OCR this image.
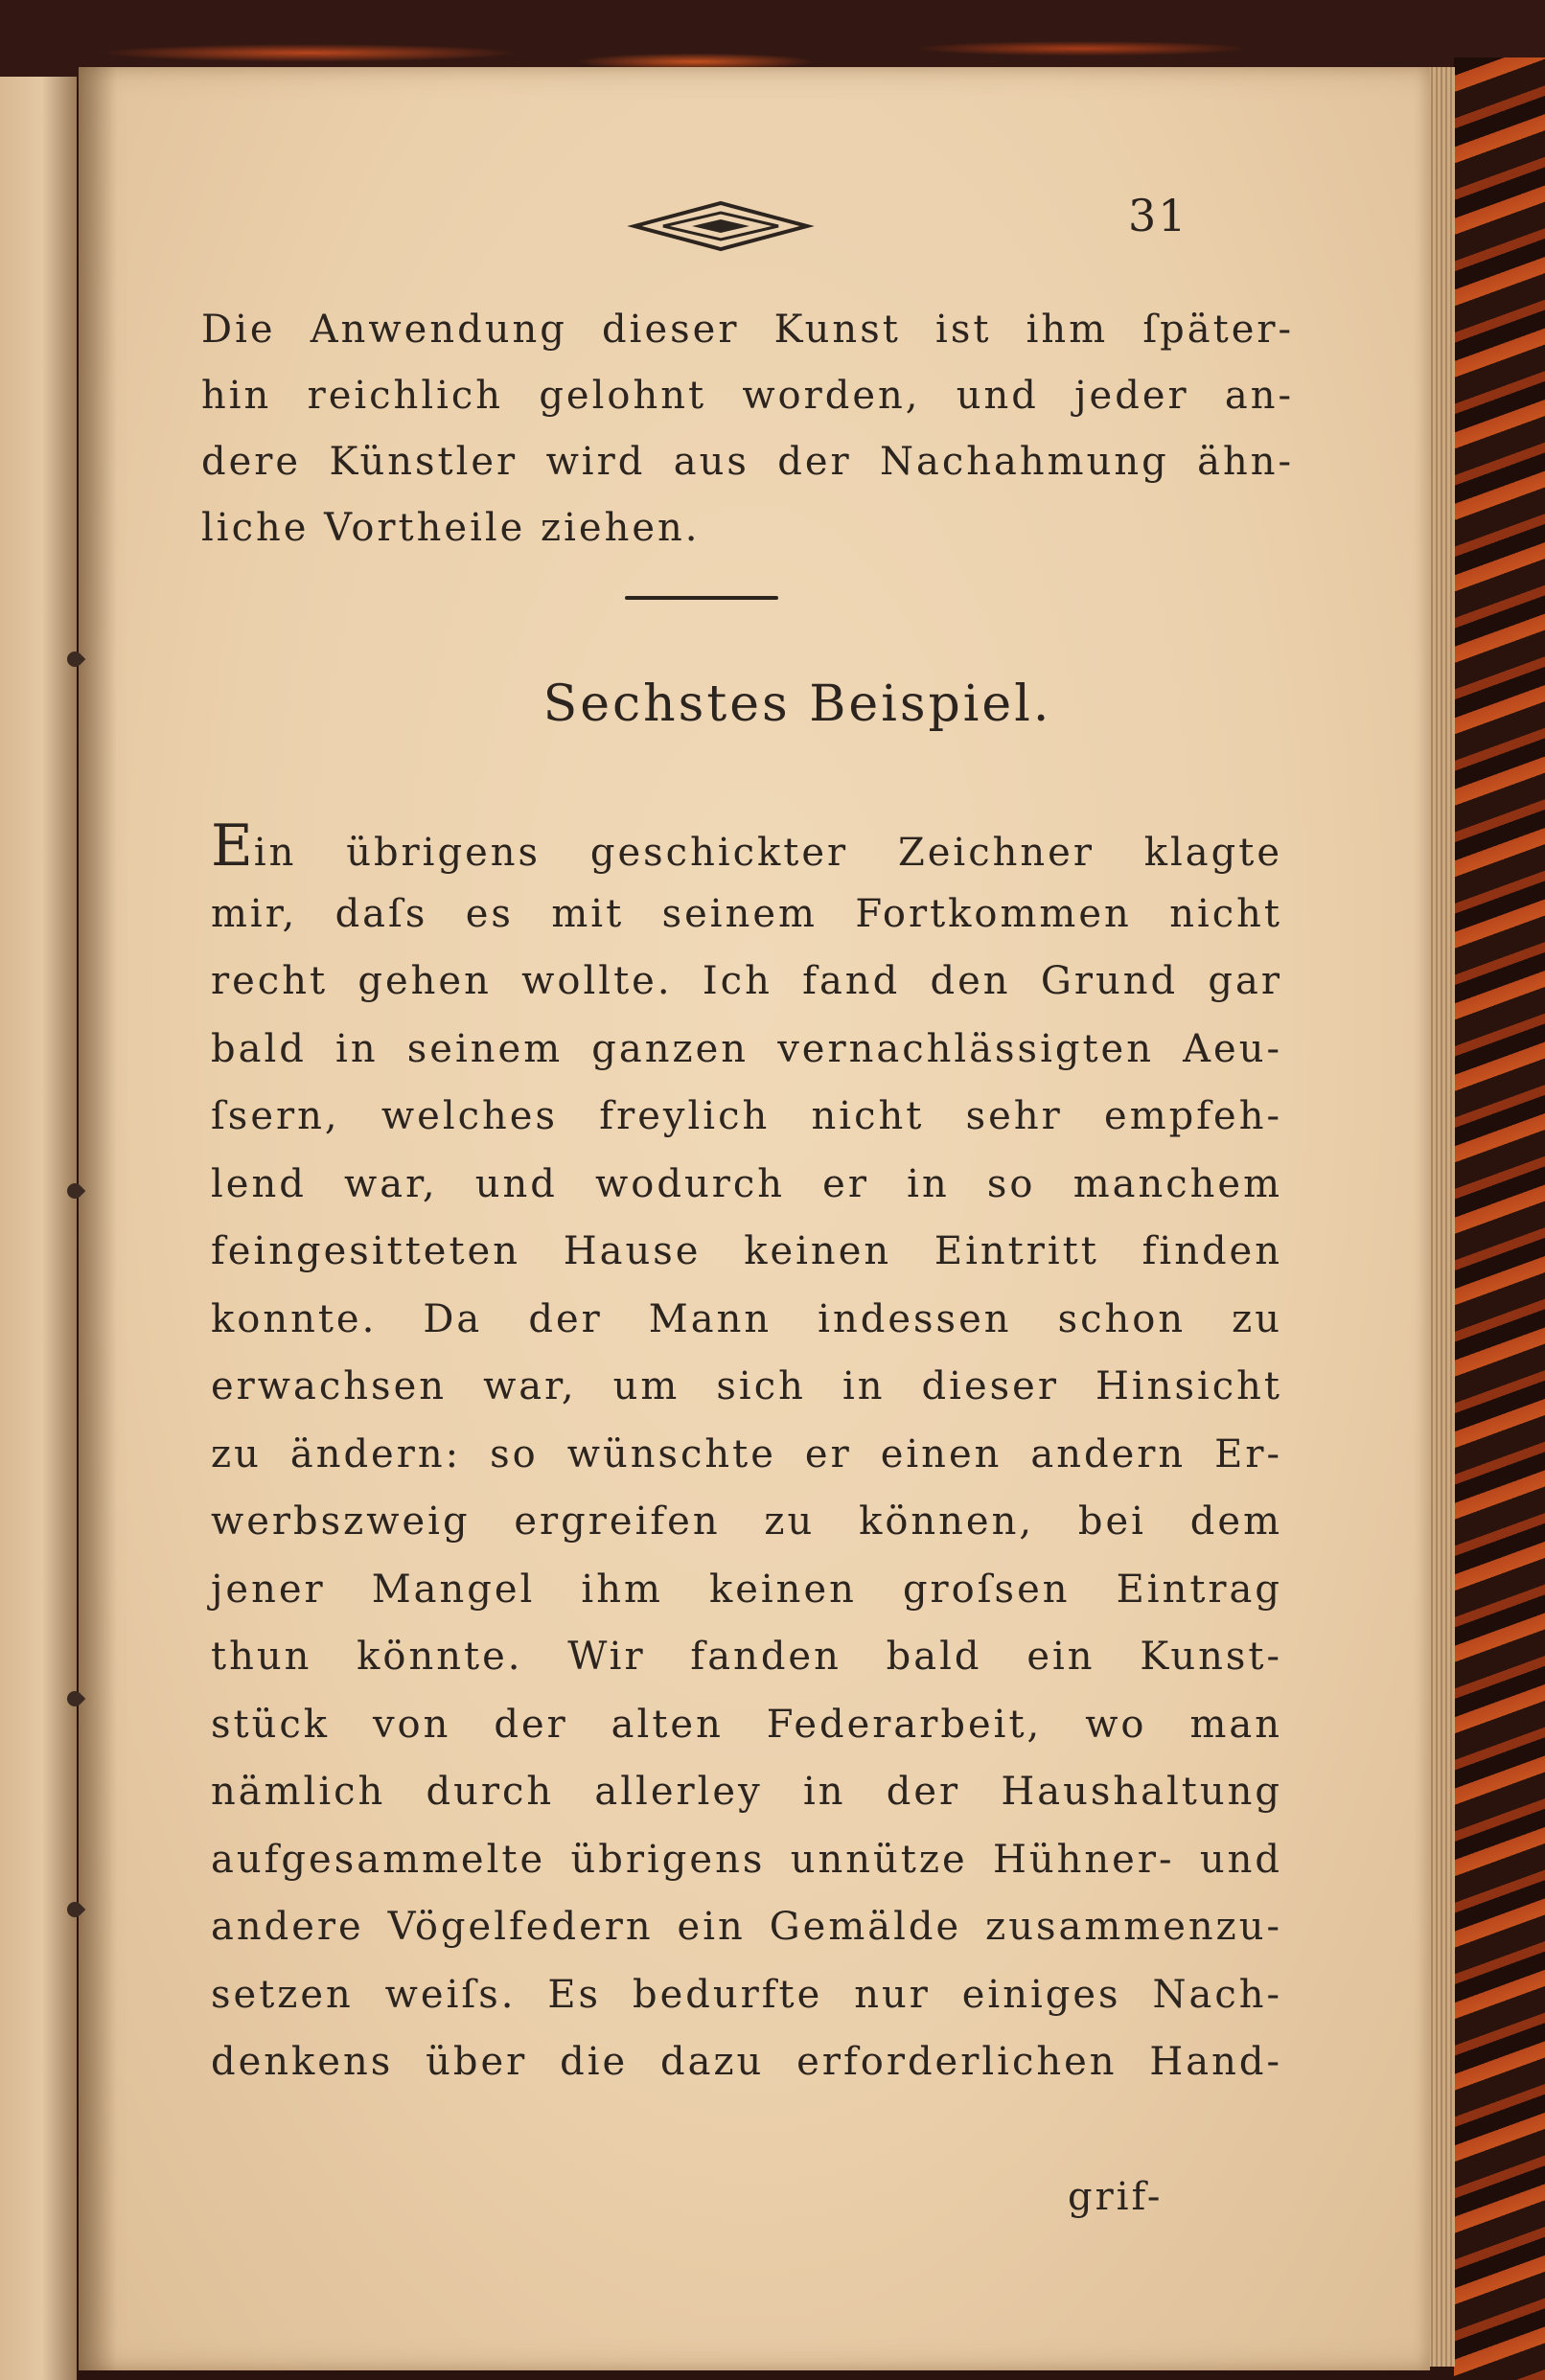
31
Die Anwendung dieser Kunst ist ihm ſpäter-
hin reichlich gelohnt worden, und jeder an-
dere Künstler wird aus der Nachahmung ähn-
liche Vortheile ziehen.
Sechstes Beispiel.
Ein übrigens geschickter Zeichner klagte
mir, daſs es mit seinem Fortkommen nicht
recht gehen wollte. Ich fand den Grund gar
bald in seinem ganzen vernachlässigten Aeu-
ſsern, welches freylich nicht sehr empfeh-
lend war, und wodurch er in so manchem
feingesitteten Hause keinen Eintritt finden
konnte. Da der Mann indessen schon zu
erwachsen war, um sich in dieser Hinsicht
zu ändern: so wünschte er einen andern Er-
werbszweig ergreifen zu können, bei dem
jener Mangel ihm keinen groſsen Eintrag
thun könnte. Wir fanden bald ein Kunst-
stück von der alten Federarbeit, wo man
nämlich durch allerley in der Haushaltung
aufgesammelte übrigens unnütze Hühner- und
andere Vögelfedern ein Gemälde zusammenzu-
setzen weiſs. Es bedurfte nur einiges Nach-
denkens über die dazu erforderlichen Hand-
grif-
